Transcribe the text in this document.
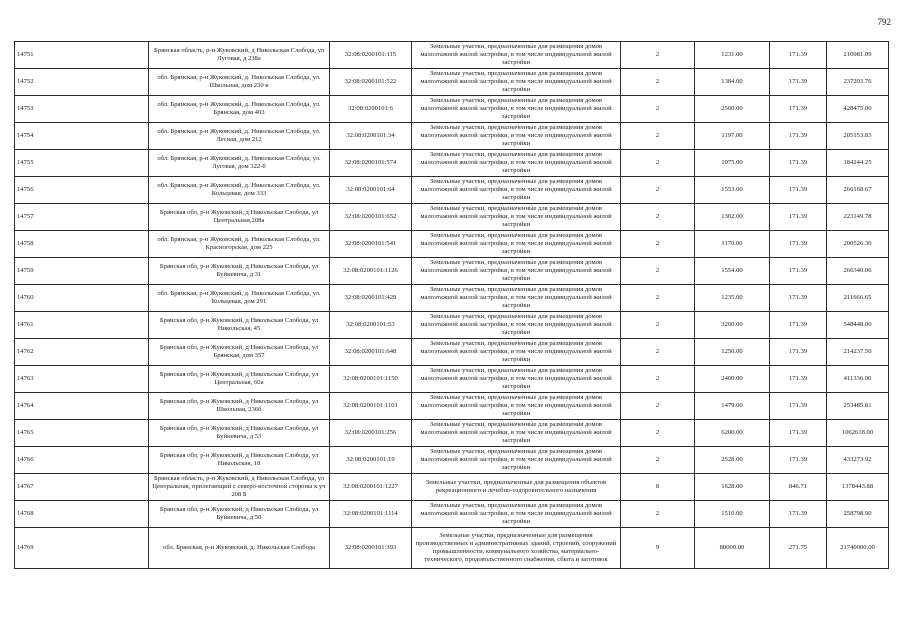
792
14751	Брянская область, р-н Жуковский, д Никольская Слобода, ул Луговая, д 238а	32:08:0200101:115	Земельные участки, предназначенные для размещения домов малоэтажной жилой застройки, в том числе индивидуальной жилой застройки	2	1231.00	171.39	210981.09
14752	обл. Брянская, р-н Жуковский, д. Никольская Слобода, ул. Школьная, дом 230 в	32:08:0200101:522	Земельные участки, предназначенные для размещения домов малоэтажной жилой застройки, в том числе индивидуальной жилой застройки	2	1384.00	171.39	237203.76
14753	обл. Брянская, р-н Жуковский, д. Никольская Слобода, ул. Брянская, дом 403	32:08:0200101:6	Земельные участки, предназначенные для размещения домов малоэтажной жилой застройки, в том числе индивидуальной жилой застройки	2	2500.00	171.39	428475.00
14754	обл. Брянская, р-н Жуковский, д. Никольская Слобода, ул. Лесная, дом 212	32:08:0200101:34	Земельные участки, предназначенные для размещения домов малоэтажной жилой застройки, в том числе индивидуальной жилой застройки	2	1197.00	171.39	205153.83
14755	обл. Брянская, р-н Жуковский, д. Никольская Слобода, ул. Луговая, дом 322-б	32:08:0200101:574	Земельные участки, предназначенные для размещения домов малоэтажной жилой застройки, в том числе индивидуальной жилой застройки	2	1075.00	171.39	184244.25
14756	обл. Брянская, р-н Жуковский, д. Никольская Слобода, ул. Кольцевая, дом 333	32:08:0200101:64	Земельные участки, предназначенные для размещения домов малоэтажной жилой застройки, в том числе индивидуальной жилой застройки	2	1553.00	171.39	266168.67
14757	Брянская обл, р-н Жуковский, д Никольская Слобода, ул Центральная,208а	32:08:0200101:652	Земельные участки, предназначенные для размещения домов малоэтажной жилой застройки, в том числе индивидуальной жилой застройки	2	1302.00	171.39	223149.78
14758	обл. Брянская, р-н Жуковский, д. Никольская Слобода, ул. Красногорская, дом 225	32:08:0200101:541	Земельные участки, предназначенные для размещения домов малоэтажной жилой застройки, в том числе индивидуальной жилой застройки	2	1170.00	171.39	200526.30
14759	Брянская обл, р-н Жуковский, д Никольская Слобода, ул Буйневича, д 31	32:08:0200101:1126	Земельные участки, предназначенные для размещения домов малоэтажной жилой застройки, в том числе индивидуальной жилой застройки	2	1554.00	171.39	266340.06
14760	обл. Брянская, р-н Жуковский, д. Никольская Слобода, ул. Кольцевая, дом 291	32:08:0200101:428	Земельные участки, предназначенные для размещения домов малоэтажной жилой застройки, в том числе индивидуальной жилой застройки	2	1235.00	171.39	211666.65
14761	Брянская обл, р-н Жуковский, д Никольская Слобода, ул Никольская, 45	32:08:0200101:53	Земельные участки, предназначенные для размещения домов малоэтажной жилой застройки, в том числе индивидуальной жилой застройки	2	3200.00	171.39	548448.00
14762	Брянская обл, р-н Жуковский, д Никольская Слобода, ул Брянская, дом 357	32:08:0200101:648	Земельные участки, предназначенные для размещения домов малоэтажной жилой застройки, в том числе индивидуальной жилой застройки	2	1250.00	171.39	214237.50
14763	Брянская обл, р-н Жуковский, д Никольская Слобода, ул Центральная, 60а	32:08:0200101:1150	Земельные участки, предназначенные для размещения домов малоэтажной жилой застройки, в том числе индивидуальной жилой застройки	2	2400.00	171.39	411336.00
14764	Брянская обл, р-н Жуковский, д Никольская Слобода, ул Школьная, 236б	32:08:0200101:1101	Земельные участки, предназначенные для размещения домов малоэтажной жилой застройки, в том числе индивидуальной жилой застройки	2	1479.00	171.39	253485.81
14765	Брянская обл, р-н Жуковский, д Никольская Слобода, ул Буйневича, д 53	32:08:0200101:256	Земельные участки, предназначенные для размещения домов малоэтажной жилой застройки, в том числе индивидуальной жилой застройки	2	6200.00	171.39	1062618.00
14766	Брянская обл, р-н Жуковский, д Никольская Слобода, ул Никольская, 18	32:08:0200101:19	Земельные участки, предназначенные для размещения домов малоэтажной жилой застройки, в том числе индивидуальной жилой застройки	2	2528.00	171.39	433273.92
14767	Брянская область, р-н Жуковский, д Никольская Слобода, ул Центральная, прилегающий с северо-восточной стороны к уч 208 Б	32:08:0200101:1227	Земельные участки, предназначенные для размещения объектов рекреационного и лечебно-оздоровительного назначения	8	1628.00	846.71	1378443.88
14768	Брянская обл, р-н Жуковский, д Никольская Слобода, ул Буйневича, д 50	32:08:0200101:1114	Земельные участки, предназначенные для размещения домов малоэтажной жилой застройки, в том числе индивидуальной жилой застройки	2	1510.00	171.39	258798.90
14769	обл. Брянская, р-н Жуковский, д. Никольская Слобода	32:08:0200101:393	Земельные участки, предназначенные для размещения производственных и административных зданий, строений, сооружений промышленности, коммунального хозяйства, материально-технического, продовольственного снабжения, сбыта и заготовок	9	80000.00	271.75	21740000.00
